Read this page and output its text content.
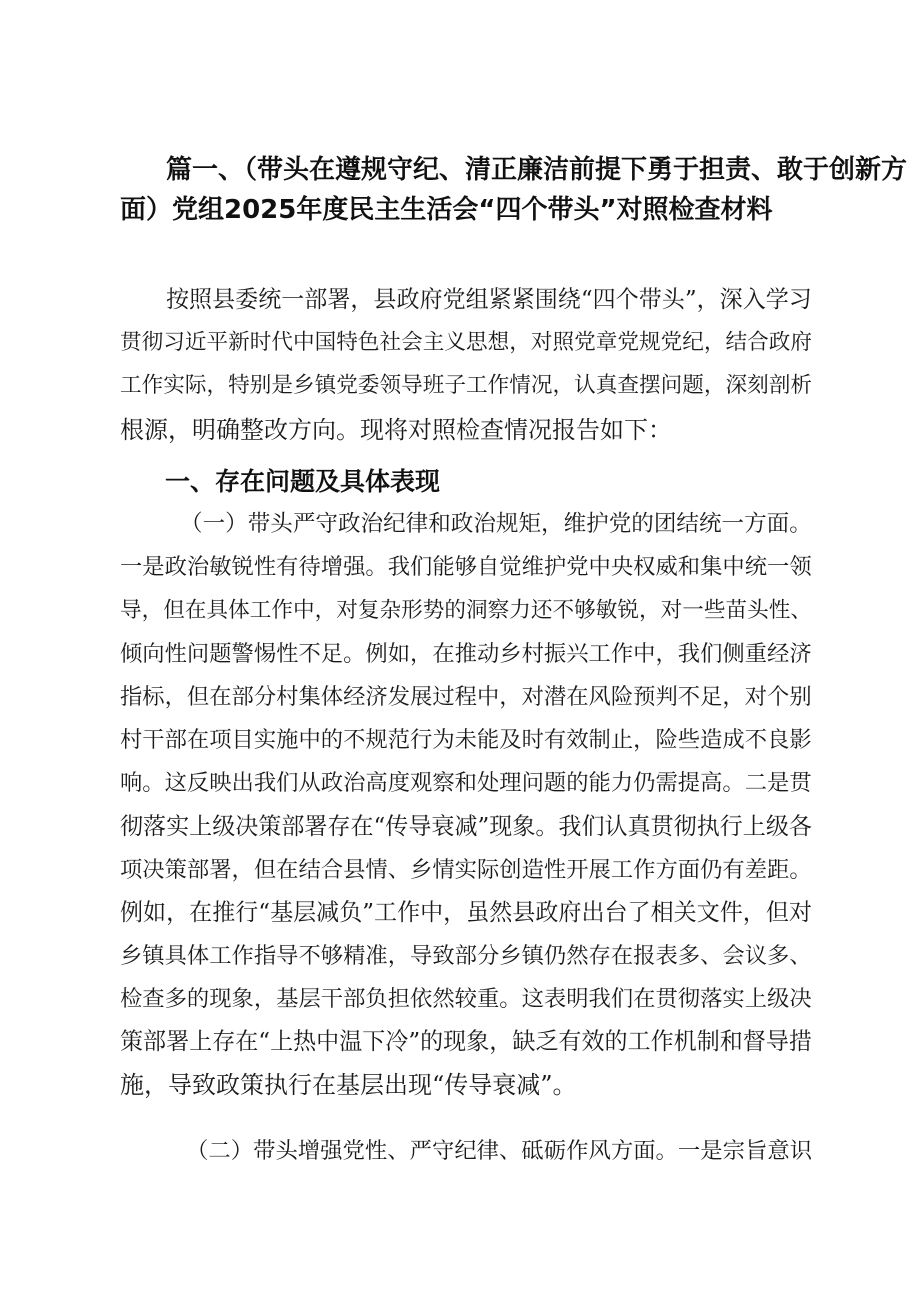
篇一、（带头在遵规守纪、清正廉洁前提下勇于担责、敢于创新方
面）党组2025年度民主生活会“四个带头”对照检查材料
按照县委统一部署，县政府党组紧紧围绕“四个带头”，深入学习
贯彻习近平新时代中国特色社会主义思想，对照党章党规党纪，结合政府
工作实际，特别是乡镇党委领导班子工作情况，认真查摆问题，深刻剖析
根源，明确整改方向。现将对照检查情况报告如下：
一、存在问题及具体表现
（一）带头严守政治纪律和政治规矩，维护党的团结统一方面。
一是政治敏锐性有待增强。我们能够自觉维护党中央权威和集中统一领
导，但在具体工作中，对复杂形势的洞察力还不够敏锐，对一些苗头性、
倾向性问题警惕性不足。例如，在推动乡村振兴工作中，我们侧重经济
指标，但在部分村集体经济发展过程中，对潜在风险预判不足，对个别
村干部在项目实施中的不规范行为未能及时有效制止，险些造成不良影
响。这反映出我们从政治高度观察和处理问题的能力仍需提高。二是贯
彻落实上级决策部署存在“传导衰减”现象。我们认真贯彻执行上级各
项决策部署，但在结合县情、乡情实际创造性开展工作方面仍有差距。
例如，在推行“基层减负”工作中，虽然县政府出台了相关文件，但对
乡镇具体工作指导不够精准，导致部分乡镇仍然存在报表多、会议多、
检查多的现象，基层干部负担依然较重。这表明我们在贯彻落实上级决
策部署上存在“上热中温下冷”的现象，缺乏有效的工作机制和督导措
施，导致政策执行在基层出现“传导衰减”。
（二）带头增强党性、严守纪律、砥砺作风方面。一是宗旨意识
